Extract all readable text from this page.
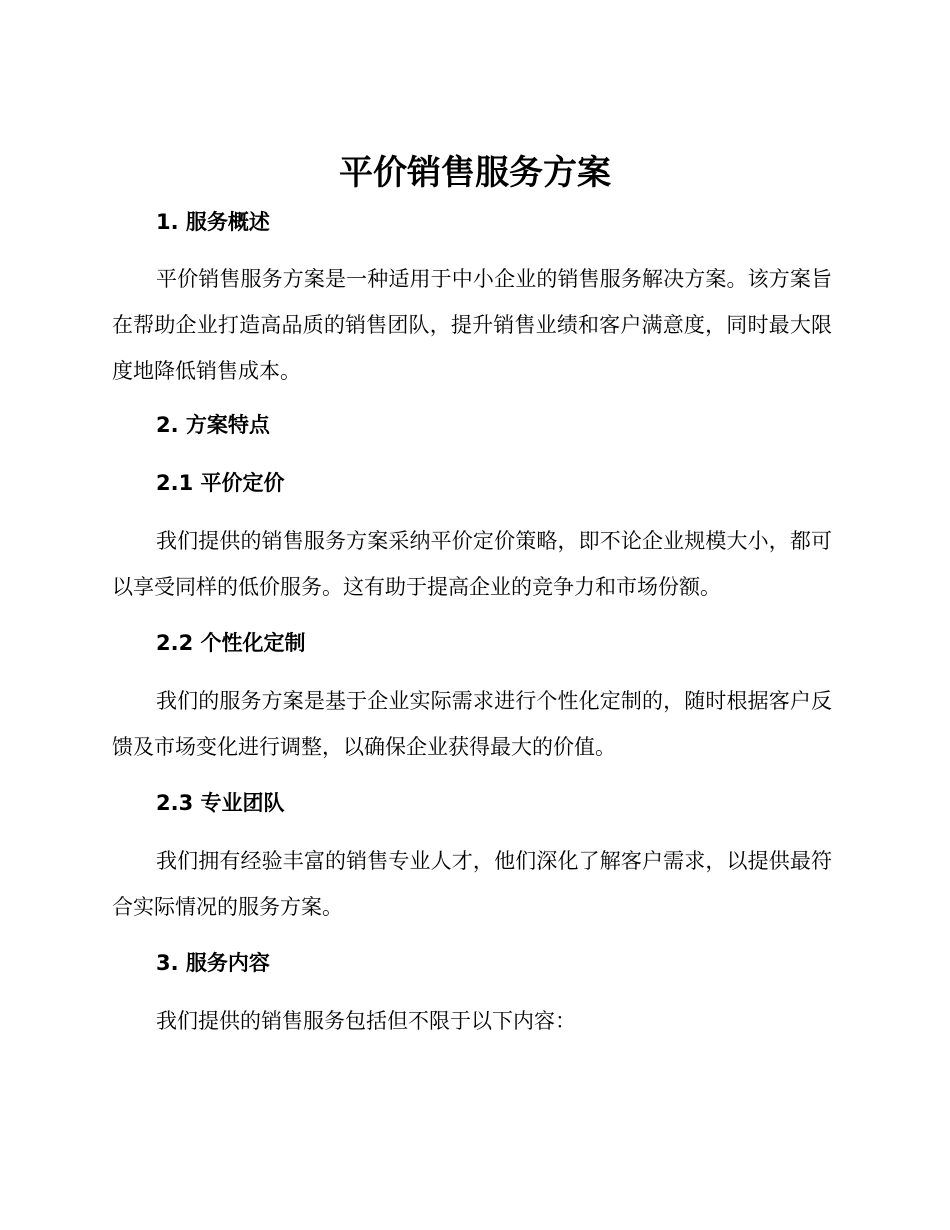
平价销售服务方案
1. 服务概述

平价销售服务方案是一种适用于中小企业的销售服务解决方案。该方案旨在帮助企业打造高品质的销售团队，提升销售业绩和客户满意度，同时最大限度地降低销售成本。

2. 方案特点
2.1 平价定价

我们提供的销售服务方案采纳平价定价策略，即不论企业规模大小，都可以享受同样的低价服务。这有助于提高企业的竞争力和市场份额。

2.2 个性化定制

我们的服务方案是基于企业实际需求进行个性化定制的，随时根据客户反馈及市场变化进行调整，以确保企业获得最大的价值。

2.3 专业团队

我们拥有经验丰富的销售专业人才，他们深化了解客户需求，以提供最符合实际情况的服务方案。

3. 服务内容

我们提供的销售服务包括但不限于以下内容：
